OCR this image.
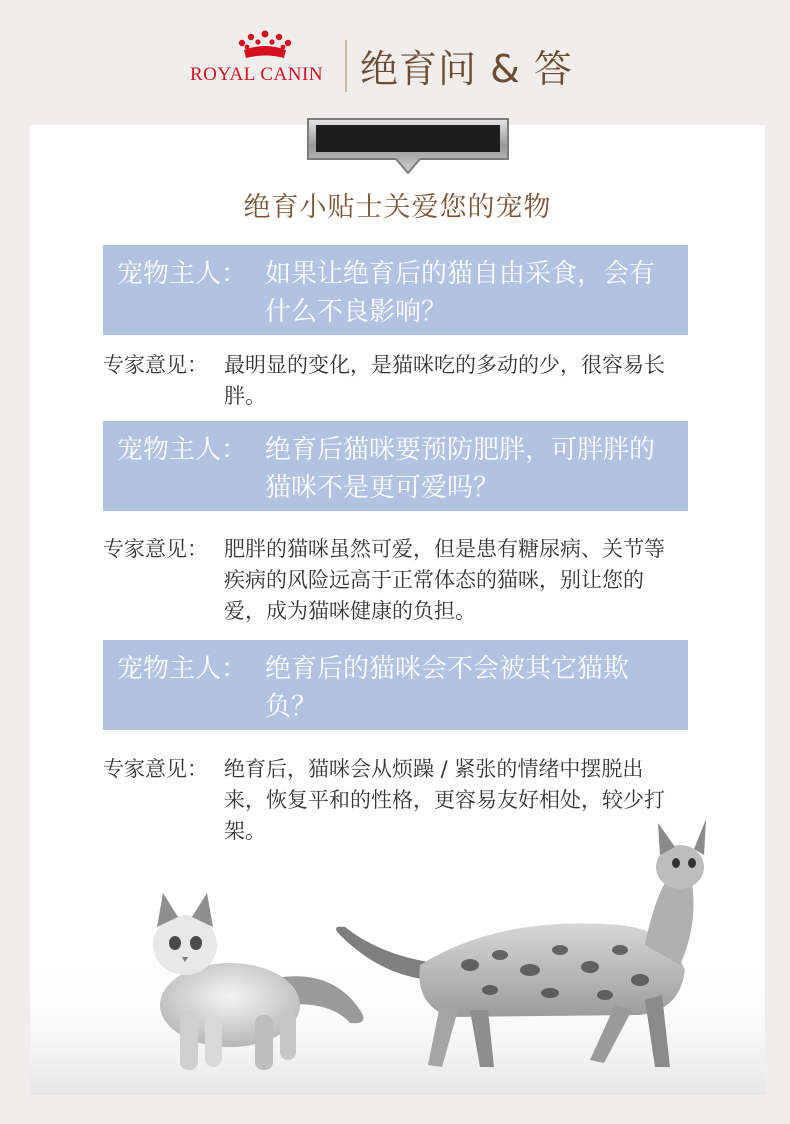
ROYAL CANIN 绝育问 & 答
绝育小贴士关爱您的宠物
宠物主人： 如果让绝育后的猫自由采食，会有什么不良影响？
专家意见： 最明显的变化，是猫咪吃的多动的少，很容易长胖。
宠物主人： 绝育后猫咪要预防肥胖，可胖胖的猫咪不是更可爱吗？
专家意见： 肥胖的猫咪虽然可爱，但是患有糖尿病、关节等疾病的风险远高于正常体态的猫咪，别让您的爱，成为猫咪健康的负担。
宠物主人： 绝育后的猫咪会不会被其它猫欺负？
专家意见： 绝育后，猫咪会从烦躁 / 紧张的情绪中摆脱出来，恢复平和的性格，更容易友好相处，较少打架。
